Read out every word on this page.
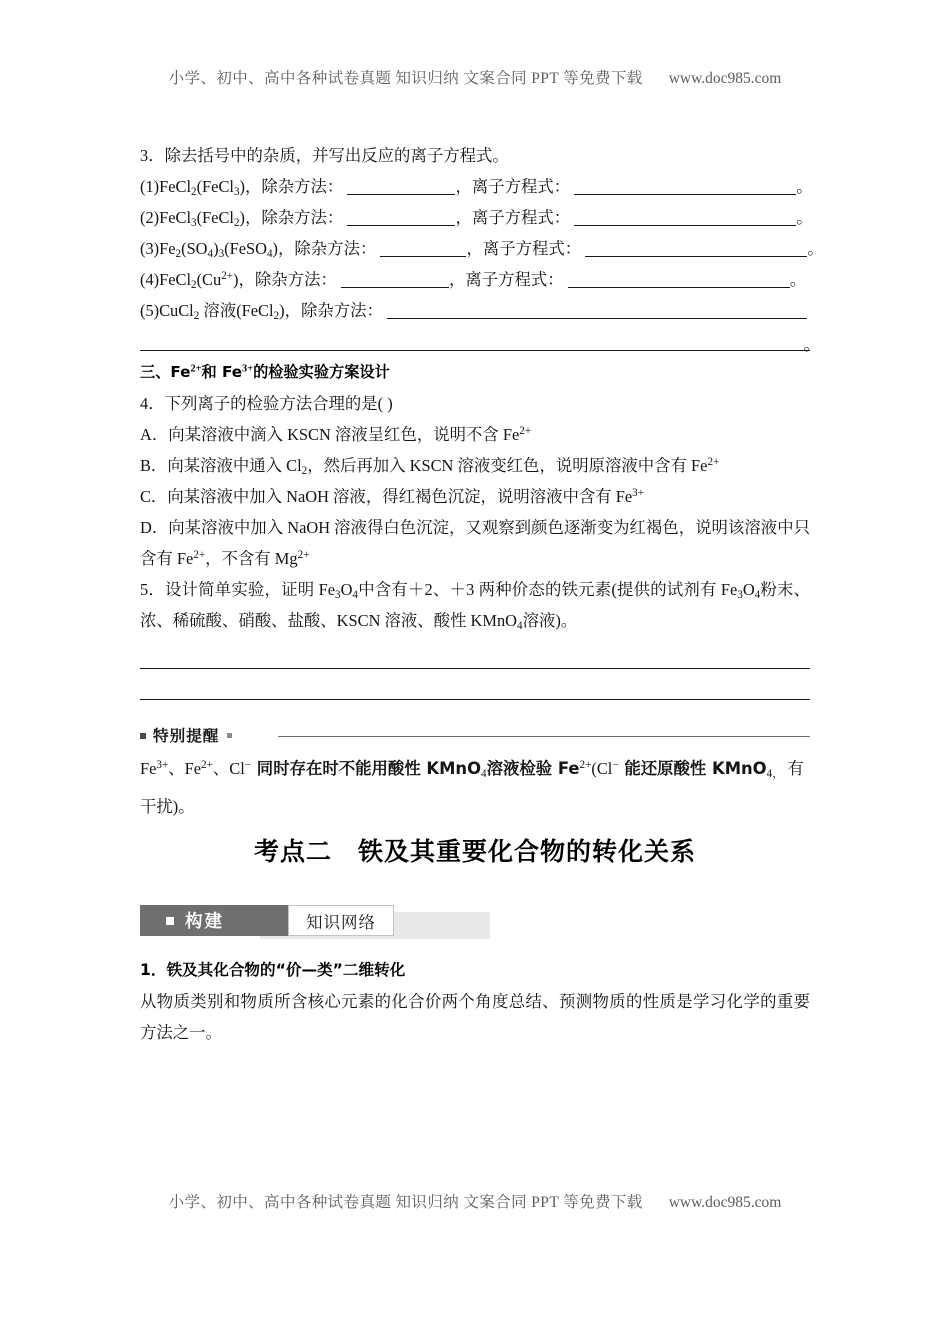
小学、初中、高中各种试卷真题 知识归纳 文案合同 PPT 等免费下载 www.doc985.com
3．除去括号中的杂质，并写出反应的离子方程式。
(1)FeCl$_2$(FeCl$_3$)，除杂方法：	，离子方程式：	。
(2)FeCl$_3$(FeCl$_2$)，除杂方法：	，离子方程式：	。
$(3)Fe_2(SO_4)_3(FeSO_4)$，除杂方法：	，离子方程式：	。
$(4)FeCl_2(Cu^{2+})$，除杂方法：	，离子方程式：	。
(5)CuCl$_2$ 溶液(FeCl$_2$)，除杂方法：
。
三、$Fe^{2+}$和 $Fe^{3+}$的检验实验方案设计
4．下列离子的检验方法合理的是( )
A．向某溶液中滴入 KSCN 溶液呈红色，说明不含 $Fe^{2+}$
B．向某溶液中通入 $Cl_2$，然后再加入 KSCN 溶液变红色，说明原溶液中含有 $Fe^{2+}$
C．向某溶液中加入 NaOH 溶液，得红褐色沉淀，说明溶液中含有 $Fe^{3+}$
D．向某溶液中加入 NaOH 溶液得白色沉淀，又观察到颜色逐渐变为红褐色，说明该溶液中只含有 $Fe^{2+}$，不含有 $Mg^{2+}$
5．设计简单实验，证明 $Fe_3O_4$中含有＋2、＋3 两种价态的铁元素(提供的试剂有 $Fe_3O_4$粉末、浓、稀硫酸、硝酸、盐酸、KSCN 溶液、酸性 KMnO$_4$溶液)。
特别提醒
$Fe^{3+}$、$Fe^{2+}$、Cl− 同时存在时不能用酸性 KMnO$_4$溶液检验 $Fe^{2+}(Cl^-$ 能还原酸性 KMnO$_{4,}$ 有干扰)。
考点二 铁及其重要化合物的转化关系
构建	知识网络
1．铁及其化合物的“价—类”二维转化
从物质类别和物质所含核心元素的化合价两个角度总结、预测物质的性质是学习化学的重要方法之一。
小学、初中、高中各种试卷真题 知识归纳 文案合同 PPT 等免费下载 www.doc985.com
